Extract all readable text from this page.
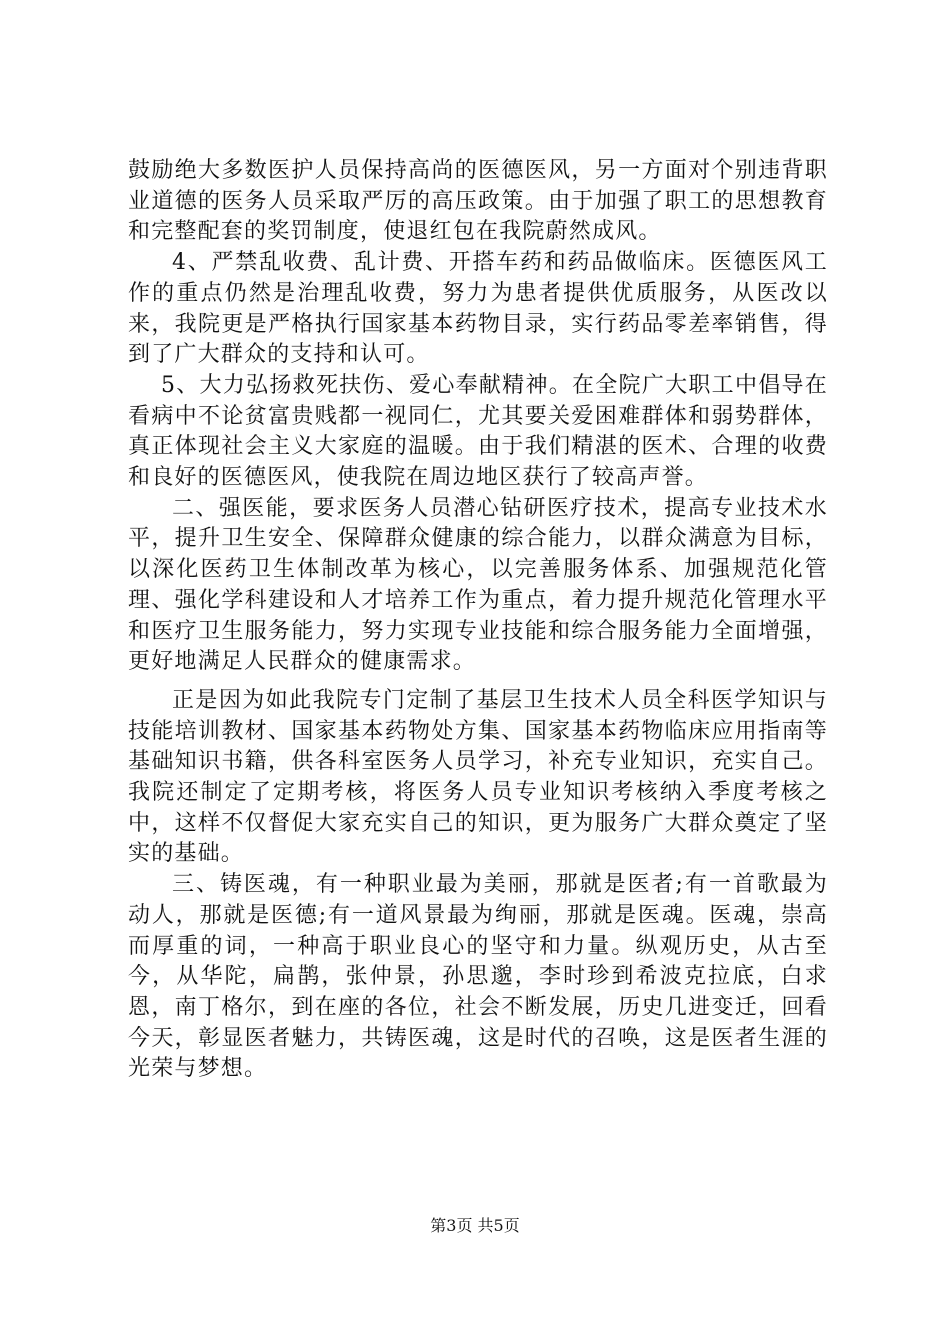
鼓励绝大多数医护人员保持高尚的医德医风，另一方面对个别违背职业道德的医务人员采取严厉的高压政策。由于加强了职工的思想教育和完整配套的奖罚制度，使退红包在我院蔚然成风。

4、严禁乱收费、乱计费、开搭车药和药品做临床。医德医风工作的重点仍然是治理乱收费，努力为患者提供优质服务，从医改以来，我院更是严格执行国家基本药物目录，实行药品零差率销售，得到了广大群众的支持和认可。

5、大力弘扬救死扶伤、爱心奉献精神。在全院广大职工中倡导在看病中不论贫富贵贱都一视同仁，尤其要关爱困难群体和弱势群体，真正体现社会主义大家庭的温暖。由于我们精湛的医术、合理的收费和良好的医德医风，使我院在周边地区获行了较高声誉。

二、强医能，要求医务人员潜心钻研医疗技术，提高专业技术水平，提升卫生安全、保障群众健康的综合能力，以群众满意为目标，以深化医药卫生体制改革为核心，以完善服务体系、加强规范化管理、强化学科建设和人才培养工作为重点，着力提升规范化管理水平和医疗卫生服务能力，努力实现专业技能和综合服务能力全面增强，更好地满足人民群众的健康需求。

正是因为如此我院专门定制了基层卫生技术人员全科医学知识与技能培训教材、国家基本药物处方集、国家基本药物临床应用指南等基础知识书籍，供各科室医务人员学习，补充专业知识，充实自己。我院还制定了定期考核，将医务人员专业知识考核纳入季度考核之中，这样不仅督促大家充实自己的知识，更为服务广大群众奠定了坚实的基础。

三、铸医魂，有一种职业最为美丽，那就是医者;有一首歌最为动人，那就是医德;有一道风景最为绚丽，那就是医魂。医魂，崇高而厚重的词，一种高于职业良心的坚守和力量。纵观历史，从古至今，从华陀，扁鹊，张仲景，孙思邈，李时珍到希波克拉底，白求恩，南丁格尔，到在座的各位，社会不断发展，历史几进变迁，回看今天，彰显医者魅力，共铸医魂，这是时代的召唤，这是医者生涯的光荣与梦想。

第3页 共5页
